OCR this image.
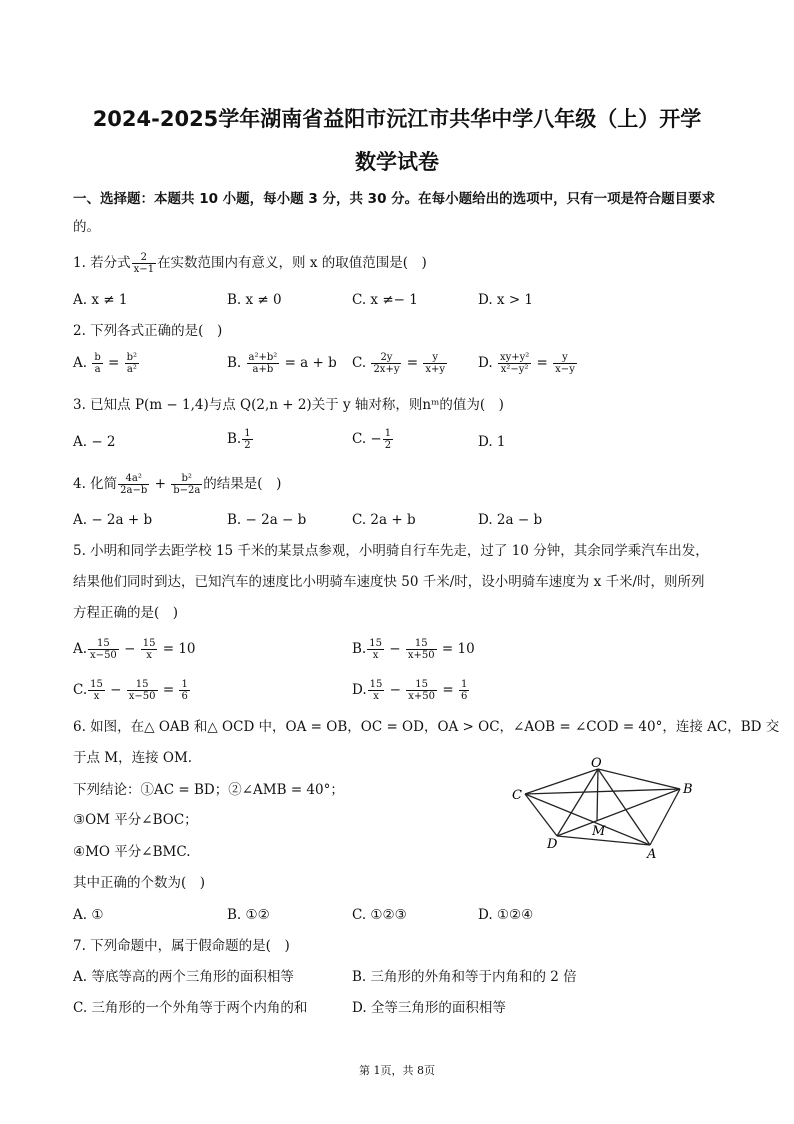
2024-2025学年湖南省益阳市沅江市共华中学八年级（上）开学
数学试卷
一、选择题：本题共 10 小题，每小题 3 分，共 30 分。在每小题给出的选项中，只有一项是符合题目要求
的。
1. 若分式 $\frac{2}{x-1}$ 在实数范围内有意义，则 x 的取值范围是(　)
A. x ≠ 1	B. x ≠ 0	C. x ≠− 1	D. x > 1
2. 下列各式正确的是(　)
A. $\frac{b}{a} = \frac{\text{b²}}{\text{a²}}$	B. $\frac{\text{a²+b²}}{a+b} = a + b$ C. $\frac{2y}{2x+y} = \frac{y}{x+y} D$. $\frac{\text{xy+y²}}{\text{x²−y²}} = \frac{y}{x-y}$
3. 已知点 P(m − 1,4)与点 Q(2,n + 2)关于 y 轴对称，则nᵐ的值为(　)
A. − 2	B. $\frac{1}{2}$	C. − $\frac{1}{2}$	D. 1
4. 化简 $\frac{\text{4a²}}{2a-b} + \frac{\text{b²}}{b-2a}$ 的结果是(　)
A. − 2a + b	B. − 2a − b	C. 2a + b	D. 2a − b
5. 小明和同学去距学校 15 千米的某景点参观，小明骑自行车先走，过了 10 分钟，其余同学乘汽车出发，
结果他们同时到达，已知汽车的速度比小明骑车速度快 50 千米/时，设小明骑车速度为 x 千米/时，则所列
方程正确的是(　)
A. $\frac{15}{x-50} - \frac{15}{x} = 10$	B. $\frac{15}{x} - \frac{15}{x+50} = 10$
C. $\frac{15}{x} - \frac{15}{x-50} = \frac{1}{6}$	D. $\frac{15}{x} - \frac{15}{x+50} = \frac{1}{6}$
6. 如图，在△ OAB 和△ OCD 中，OA = OB，OC = OD，OA > OC，∠AOB = ∠COD = 40°，连接 AC，BD 交
于点 M，连接 OM.
下列结论：①AC = BD；②∠AMB = 40°；
③OM 平分∠BOC；
④MO 平分∠BMC.
其中正确的个数为(　)
A. ①	B. ①②	C. ①②③	D. ①②④
O
B
C
D
M
A
7. 下列命题中，属于假命题的是(　)
A. 等底等高的两个三角形的面积相等	B. 三角形的外角和等于内角和的 2 倍
C. 三角形的一个外角等于两个内角的和	D. 全等三角形的面积相等
第 1页，共 8页
